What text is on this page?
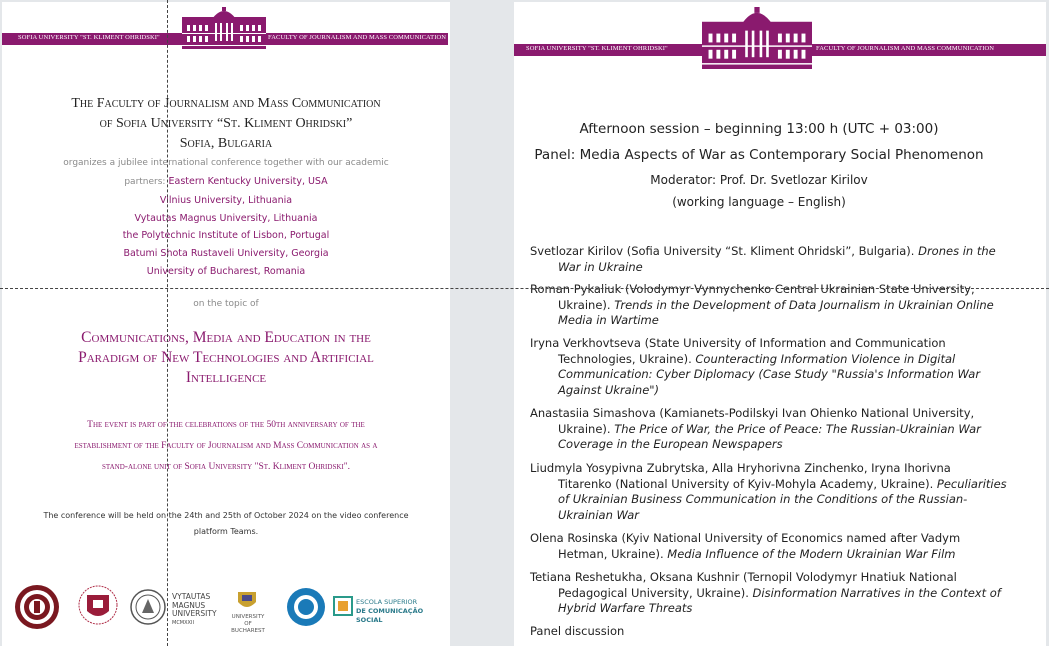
SOFIA UNIVERSITY "ST. KLIMENT OHRIDSKI"	FACULTY OF JOURNALISM AND MASS COMMUNICATION
The Faculty of Journalism and Mass Communication
of Sofia University “St. Kliment Ohridski”
Sofia, Bulgaria
organizes a jubilee international conference together with our academic
partners: Eastern Kentucky University, USA
Vilnius University, Lithuania
Vytautas Magnus University, Lithuania
the Polytechnic Institute of Lisbon, Portugal
Batumi Shota Rustaveli University, Georgia
University of Bucharest, Romania
on the topic of
Communications, Media and Education in the
Paradigm of New Technologies and Artificial
Intelligence
The event is part of the celebrations of the 50th anniversary of the
establishment of the Faculty of Journalism and Mass Communication as a
stand-alone unit of Sofia University "St. Kliment Ohridski".
The conference will be held on the 24th and 25th of October 2024 on the video conference
platform Teams.
VYTAUTAS
MAGNUS
UNIVERSITY
MCMXXII
UNIVERSITY OF
BUCHAREST
ESCOLA SUPERIOR
DE COMUNICAÇÃO SOCIAL
SOFIA UNIVERSITY "ST. KLIMENT OHRIDSKI"	FACULTY OF JOURNALISM AND MASS COMMUNICATION
Afternoon session – beginning 13:00 h (UTC + 03:00)
Panel: Media Aspects of War as Contemporary Social Phenomenon
Moderator: Prof. Dr. Svetlozar Kirilov
(working language – English)
Svetlozar Kirilov (Sofia University “St. Kliment Ohridski”, Bulgaria). Drones in the War in Ukraine
Roman Pykaliuk (Volodymyr Vynnychenko Central Ukrainian State University, Ukraine). Trends in the Development of Data Journalism in Ukrainian Online Media in Wartime
Iryna Verkhovtseva (State University of Information and Communication Technologies, Ukraine). Counteracting Information Violence in Digital Communication: Cyber Diplomacy (Case Study "Russia's Information War Against Ukraine")
Anastasiia Simashova (Kamianets-Podilskyi Ivan Ohienko National University, Ukraine). The Price of War, the Price of Peace: The Russian-Ukrainian War Coverage in the European Newspapers
Liudmyla Yosypivna Zubrytska, Alla Hryhorivna Zinchenko, Iryna Ihorivna Titarenko (National University of Kyiv-Mohyla Academy, Ukraine). Peculiarities of Ukrainian Business Communication in the Conditions of the Russian-Ukrainian War
Olena Rosinska (Kyiv National University of Economics named after Vadym Hetman, Ukraine). Media Influence of the Modern Ukrainian War Film
Tetiana Reshetukha, Oksana Kushnir (Ternopil Volodymyr Hnatiuk National Pedagogical University, Ukraine). Disinformation Narratives in the Context of Hybrid Warfare Threats
Panel discussion
